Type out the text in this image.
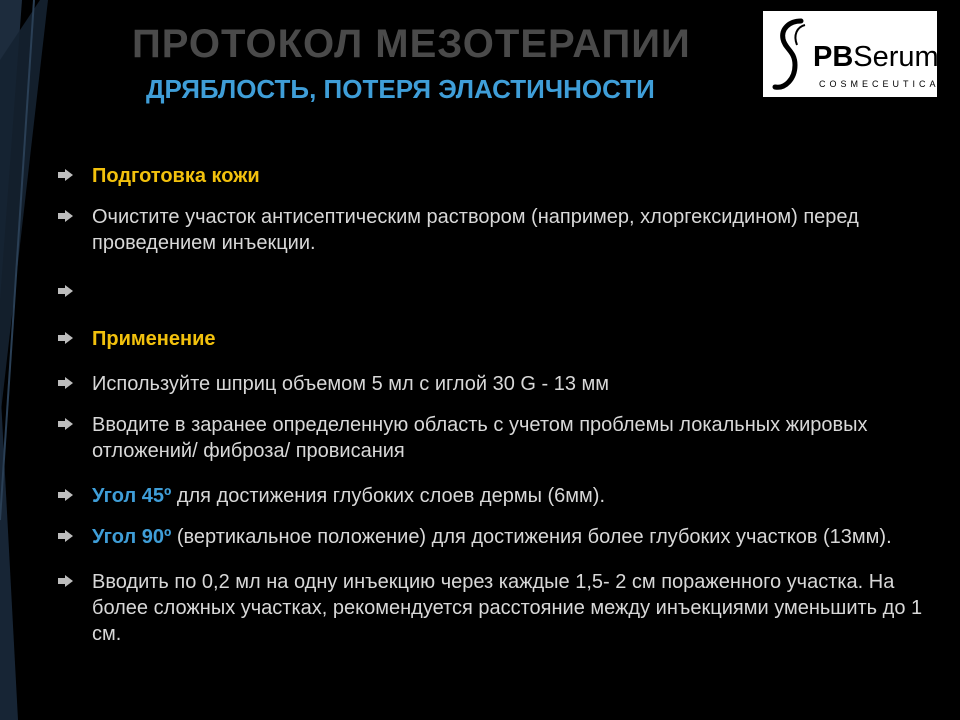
ПРОТОКОЛ МЕЗОТЕРАПИИ
ДРЯБЛОСТЬ, ПОТЕРЯ ЭЛАСТИЧНОСТИ
PBSerum
COSMECEUTICALS
Подготовка кожи
Очистите участок антисептическим раствором (например, хлоргексидином) перед проведением инъекции.
Применение
Используйте шприц объемом 5 мл с иглой 30 G - 13 мм
Вводите в заранее определенную область с учетом проблемы локальных жировых отложений/ фиброза/ провисания
Угол 45º для достижения глубоких слоев дермы (6мм).
Угол 90º (вертикальное положение) для достижения более глубоких участков (13мм).
Вводить по 0,2 мл на одну инъекцию через каждые 1,5- 2 см пораженного участка. На более сложных участках, рекомендуется расстояние между инъекциями уменьшить до 1 см.
